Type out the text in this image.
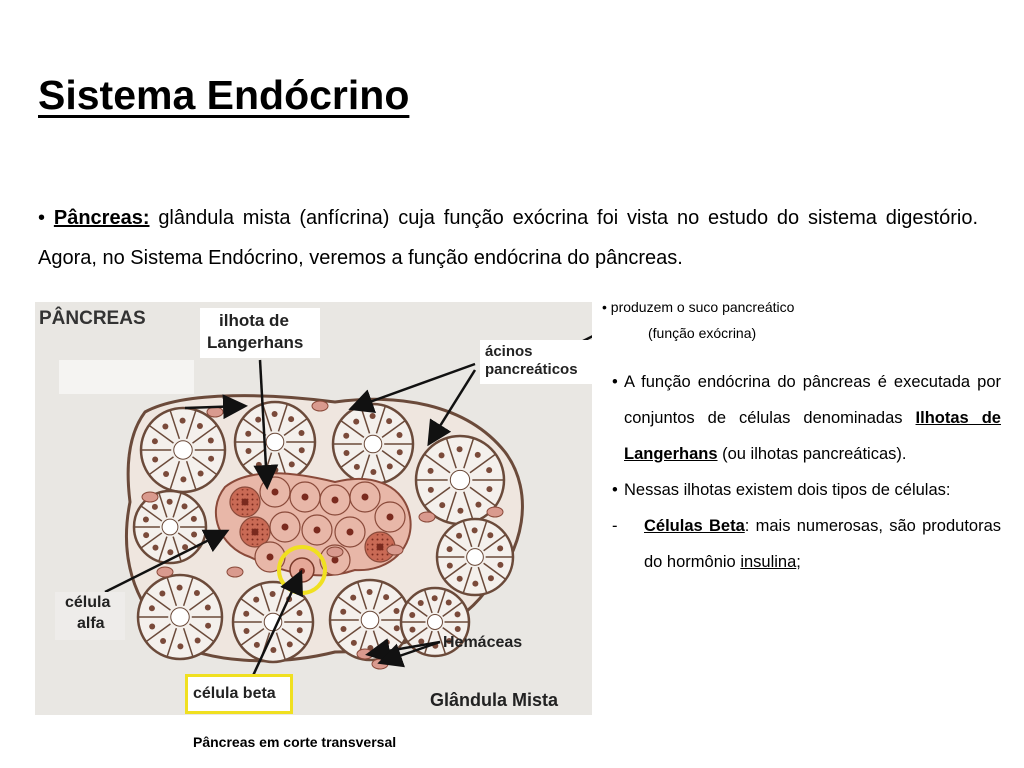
Sistema Endócrino
• Pâncreas: glândula mista (anfícrina) cuja função exócrina foi vista no estudo do sistema digestório. Agora, no Sistema Endócrino, veremos a função endócrina do pâncreas.
PÂNCREAS	ilhota de
Langerhans	ácinos
pancreáticos
célula
alfa
Hemáceas
célula beta	Glândula Mista
Pâncreas em corte transversal
• produzem o suco pancreático
(função exócrina)
• A função endócrina do pâncreas é executada por conjuntos de células denominadas Ilhotas de Langerhans (ou ilhotas pancreáticas).
• Nessas ilhotas existem dois tipos de células:
-	Células Beta: mais numerosas, são produtoras do hormônio insulina;
